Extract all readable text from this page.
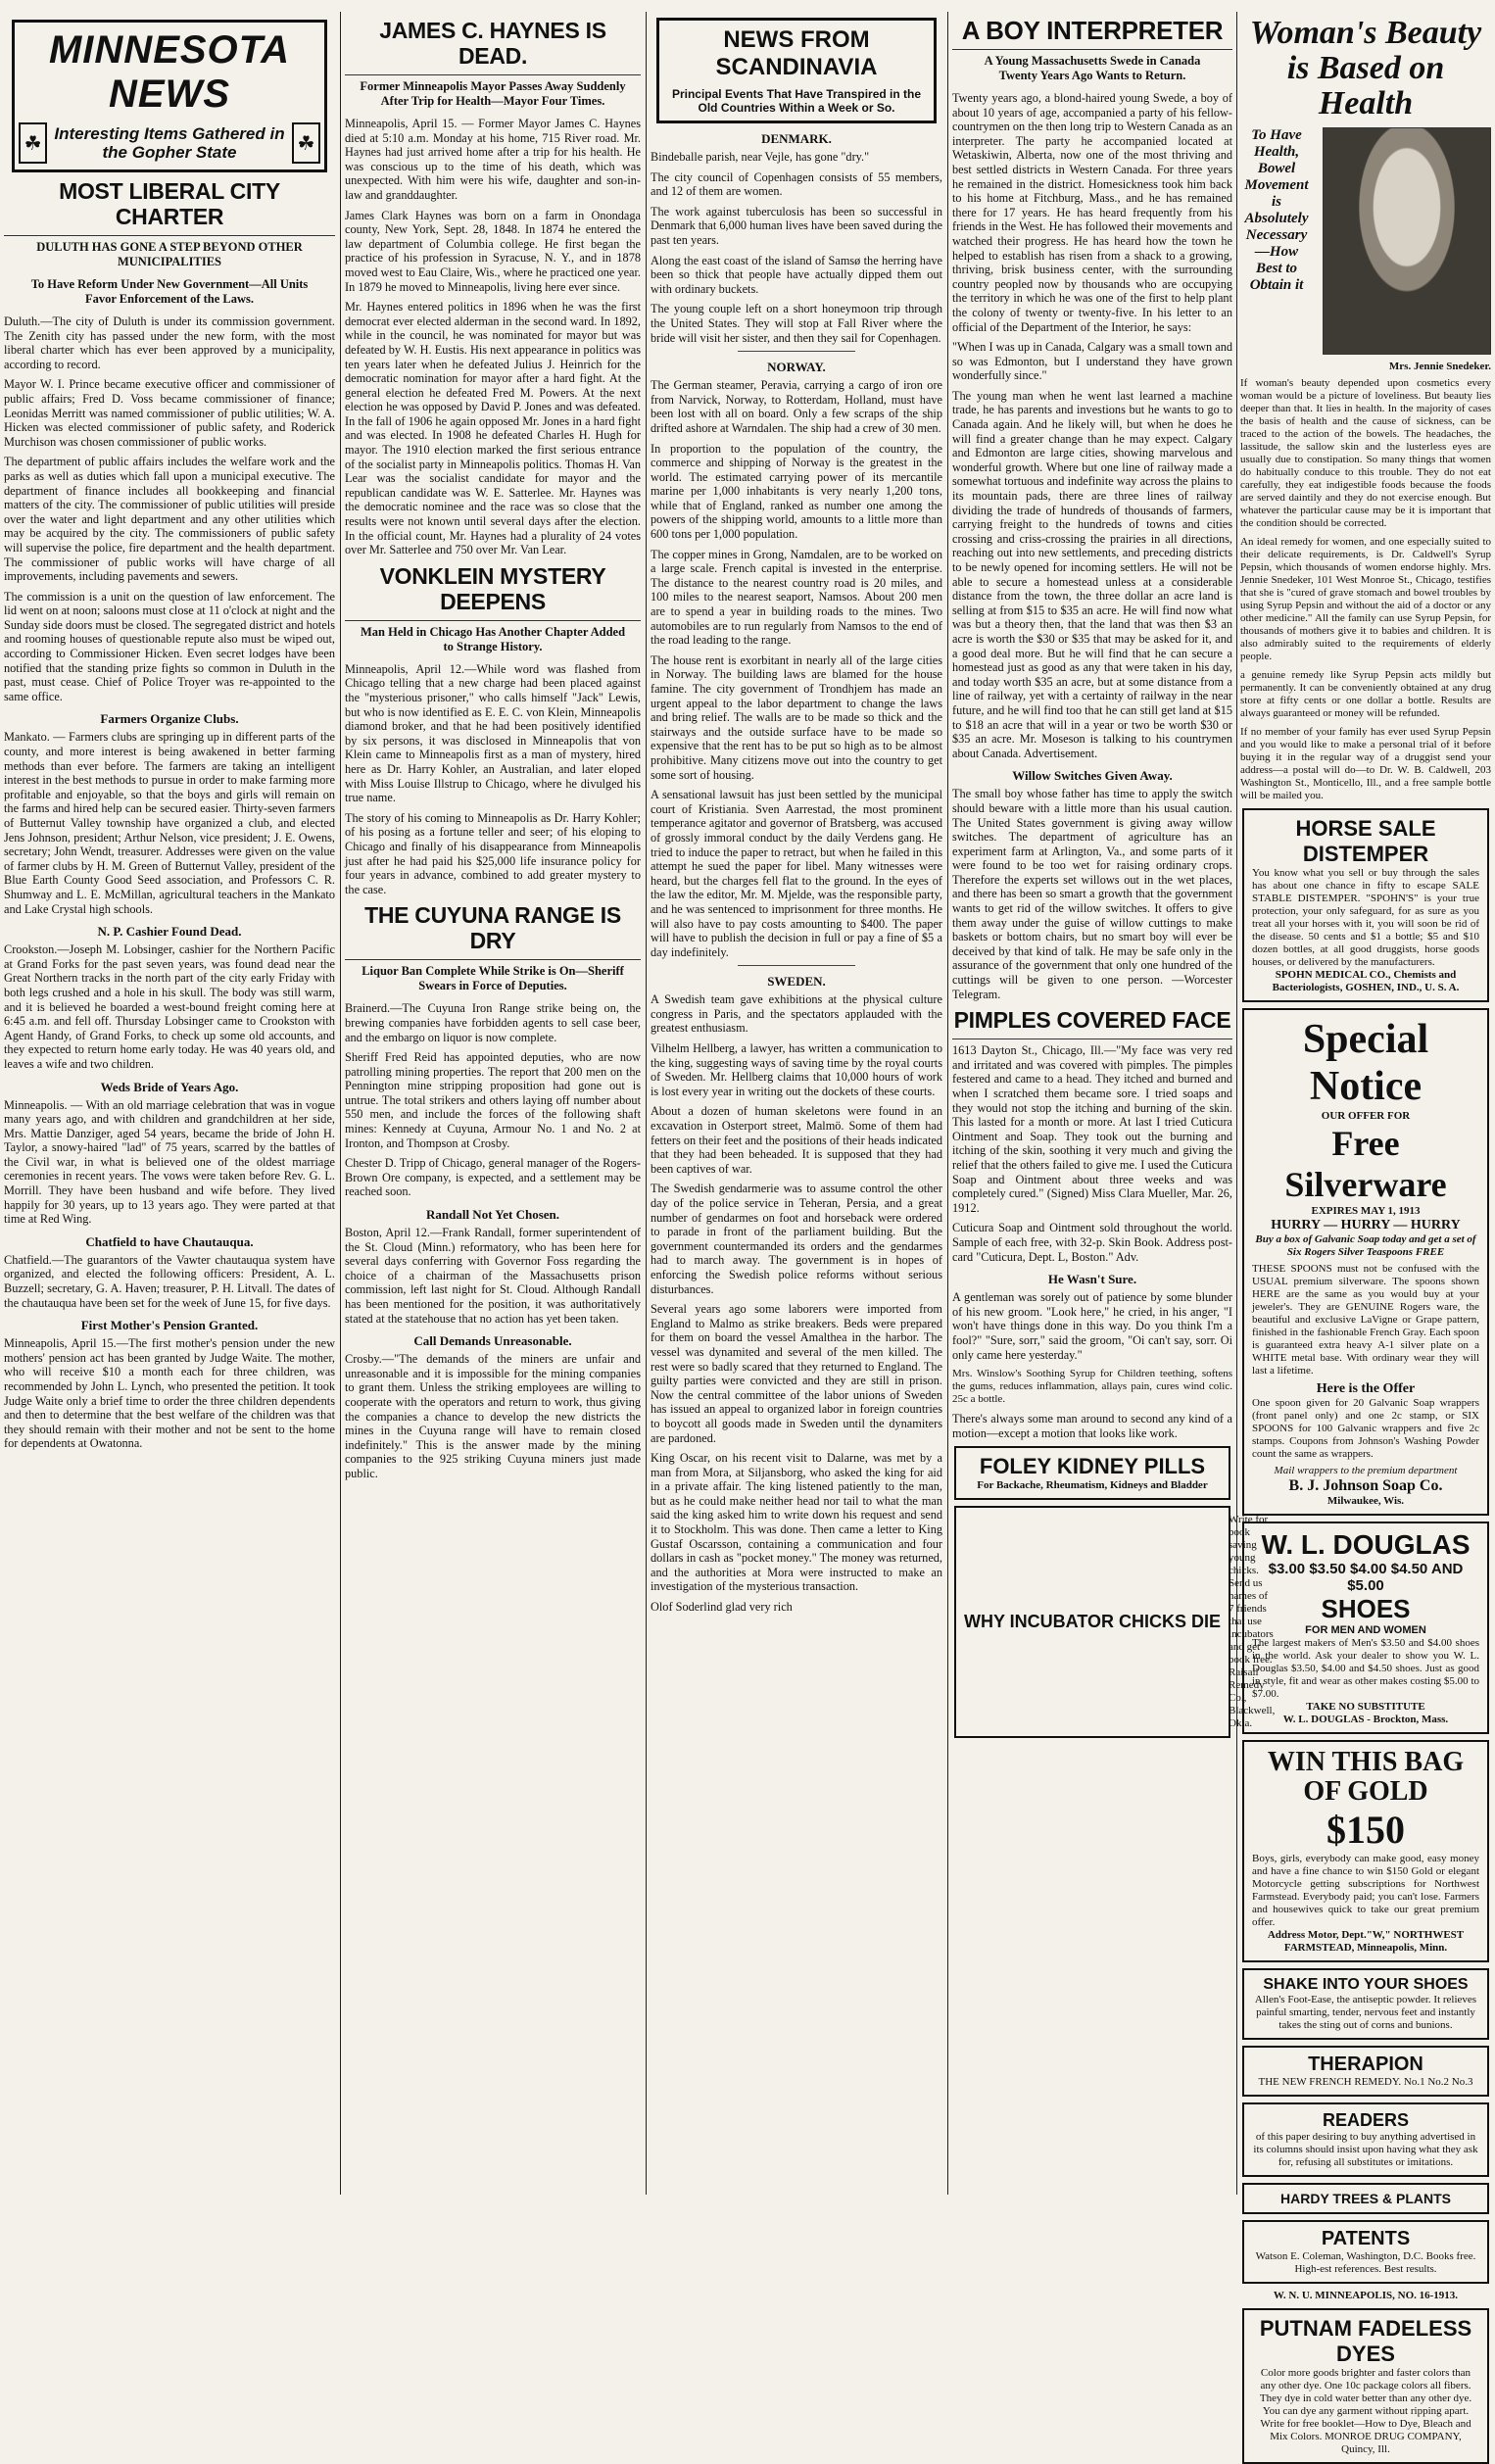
MINNESOTA NEWS
☘ Interesting Items Gathered in the Gopher State	☘
MOST LIBERAL CITY CHARTER
DULUTH HAS GONE A STEP BEYOND OTHER MUNICIPALITIES
To Have Reform Under New Government—All Units Favor Enforcement of the Laws.

Duluth.—The city of Duluth is under its commission government. The Zenith city has passed under the new form, with the most liberal charter which has ever been approved by a municipality, according to record.

Mayor W. I. Prince became executive officer and commissioner of public affairs; Fred D. Voss became commissioner of finance; Leonidas Merritt was named commissioner of public utilities; W. A. Hicken was elected commissioner of public safety, and Roderick Murchison was chosen commissioner of public works.

The department of public affairs includes the welfare work and the parks as well as duties which fall upon a municipal executive. The department of finance includes all bookkeeping and financial matters of the city. The commissioner of public utilities will preside over the water and light department and any other utilities which may be acquired by the city. The commissioners of public safety will supervise the police, fire department and the health department. The commissioner of public works will have charge of all improvements, including pavements and sewers.

The commission is a unit on the question of law enforcement. The lid went on at noon; saloons must close at 11 o'clock at night and the Sunday side doors must be closed. The segregated district and hotels and rooming houses of questionable repute also must be wiped out, according to Commissioner Hicken. Even secret lodges have been notified that the standing prize fights so common in Duluth in the past, must cease. Chief of Police Troyer was re-appointed to the same office.

Farmers Organize Clubs.

Mankato. — Farmers clubs are springing up in different parts of the county, and more interest is being awakened in better farming methods than ever before. The farmers are taking an intelligent interest in the best methods to pursue in order to make farming more profitable and enjoyable, so that the boys and girls will remain on the farms and hired help can be secured easier. Thirty-seven farmers of Butternut Valley township have organized a club, and elected Jens Johnson, president; Arthur Nelson, vice president; J. E. Owens, secretary; John Wendt, treasurer. Addresses were given on the value of farmer clubs by H. M. Green of Butternut Valley, president of the Blue Earth County Good Seed association, and Professors C. R. Shumway and L. E. McMillan, agricultural teachers in the Mankato and Lake Crystal high schools.

N. P. Cashier Found Dead.

Crookston.—Joseph M. Lobsinger, cashier for the Northern Pacific at Grand Forks for the past seven years, was found dead near the Great Northern tracks in the north part of the city early Friday with both legs crushed and a hole in his skull. The body was still warm, and it is believed he boarded a west-bound freight coming here at 6:45 a.m. and fell off. Thursday Lobsinger came to Crookston with Agent Handy, of Grand Forks, to check up some old accounts, and they expected to return home early today. He was 40 years old, and leaves a wife and two children.

Weds Bride of Years Ago.

Minneapolis. — With an old marriage celebration that was in vogue many years ago, and with children and grandchildren at her side, Mrs. Mattie Danziger, aged 54 years, became the bride of John H. Taylor, a snowy-haired "lad" of 75 years, scarred by the battles of the Civil war, in what is believed one of the oldest marriage ceremonies in recent years. The vows were taken before Rev. G. L. Morrill. They have been husband and wife before. They lived happily for 30 years, up to 13 years ago. They were parted at that time at Red Wing.

Chatfield to have Chautauqua.

Chatfield.—The guarantors of the Vawter chautauqua system have organized, and elected the following officers: President, A. L. Buzzell; secretary, G. A. Haven; treasurer, P. H. Litvall. The dates of the chautauqua have been set for the week of June 15, for five days.

First Mother's Pension Granted.

Minneapolis, April 15.—The first mother's pension under the new mothers' pension act has been granted by Judge Waite. The mother, who will receive $10 a month each for three children, was recommended by John L. Lynch, who presented the petition. It took Judge Waite only a brief time to order the three children dependents and then to determine that the best welfare of the children was that they should remain with their mother and not be sent to the home for dependents at Owatonna.

JAMES C. HAYNES IS DEAD.
Former Minneapolis Mayor Passes Away Suddenly After Trip for Health—Mayor Four Times.

Minneapolis, April 15. — Former Mayor James C. Haynes died at 5:10 a.m. Monday at his home, 715 River road. Mr. Haynes had just arrived home after a trip for his health. He was conscious up to the time of his death, which was unexpected. With him were his wife, daughter and son-in-law and granddaughter.

James Clark Haynes was born on a farm in Onondaga county, New York, Sept. 28, 1848. In 1874 he entered the law department of Columbia college. He first began the practice of his profession in Syracuse, N. Y., and in 1878 moved west to Eau Claire, Wis., where he practiced one year. In 1879 he moved to Minneapolis, living here ever since.

Mr. Haynes entered politics in 1896 when he was the first democrat ever elected alderman in the second ward. In 1892, while in the council, he was nominated for mayor but was defeated by W. H. Eustis. His next appearance in politics was ten years later when he defeated Julius J. Heinrich for the democratic nomination for mayor after a hard fight. At the general election he defeated Fred M. Powers. At the next election he was opposed by David P. Jones and was defeated. In the fall of 1906 he again opposed Mr. Jones in a hard fight and was elected. In 1908 he defeated Charles H. Hugh for mayor. The 1910 election marked the first serious entrance of the socialist party in Minneapolis politics. Thomas H. Van Lear was the socialist candidate for mayor and the republican candidate was W. E. Satterlee. Mr. Haynes was the democratic nominee and the race was so close that the results were not known until several days after the election. In the official count, Mr. Haynes had a plurality of 24 votes over Mr. Satterlee and 750 over Mr. Van Lear.

VONKLEIN MYSTERY DEEPENS
Man Held in Chicago Has Another Chapter Added to Strange History.

Minneapolis, April 12.—While word was flashed from Chicago telling that a new charge had been placed against the "mysterious prisoner," who calls himself "Jack" Lewis, but who is now identified as E. E. C. von Klein, Minneapolis diamond broker, and that he had been positively identified by six persons, it was disclosed in Minneapolis that von Klein came to Minneapolis first as a man of mystery, hired here as Dr. Harry Kohler, an Australian, and later eloped with Miss Louise Illstrup to Chicago, where he divulged his true name.

The story of his coming to Minneapolis as Dr. Harry Kohler; of his posing as a fortune teller and seer; of his eloping to Chicago and finally of his disappearance from Minneapolis just after he had paid his $25,000 life insurance policy for four years in advance, combined to add greater mystery to the case.

THE CUYUNA RANGE IS DRY
Liquor Ban Complete While Strike is On—Sheriff Swears in Force of Deputies.

Brainerd.—The Cuyuna Iron Range strike being on, the brewing companies have forbidden agents to sell case beer, and the embargo on liquor is now complete.

Sheriff Fred Reid has appointed deputies, who are now patrolling mining properties. The report that 200 men on the Pennington mine stripping proposition had gone out is untrue. The total strikers and others laying off number about 550 men, and include the forces of the following shaft mines: Kennedy at Cuyuna, Armour No. 1 and No. 2 at Ironton, and Thompson at Crosby.

Chester D. Tripp of Chicago, general manager of the Rogers-Brown Ore company, is expected, and a settlement may be reached soon.

Randall Not Yet Chosen.

Boston, April 12.—Frank Randall, former superintendent of the St. Cloud (Minn.) reformatory, who has been here for several days conferring with Governor Foss regarding the choice of a chairman of the Massachusetts prison commission, left last night for St. Cloud. Although Randall has been mentioned for the position, it was authoritatively stated at the statehouse that no action has yet been taken.

Call Demands Unreasonable.

Crosby.—"The demands of the miners are unfair and unreasonable and it is impossible for the mining companies to grant them. Unless the striking employees are willing to cooperate with the operators and return to work, thus giving the companies a chance to develop the new districts the mines in the Cuyuna range will have to remain closed indefinitely." This is the answer made by the mining companies to the 925 striking Cuyuna miners just made public.

NEWS FROM SCANDINAVIA
Principal Events That Have Transpired in the Old Countries Within a Week or So.
DENMARK.

Bindeballe parish, near Vejle, has gone "dry."

The city council of Copenhagen consists of 55 members, and 12 of them are women.

The work against tuberculosis has been so successful in Denmark that 6,000 human lives have been saved during the past ten years.

Along the east coast of the island of Samsø the herring have been so thick that people have actually dipped them out with ordinary buckets.

The young couple left on a short honeymoon trip through the United States. They will stop at Fall River where the bride will visit her sister, and then they sail for Copenhagen.

NORWAY.

The German steamer, Peravia, carrying a cargo of iron ore from Narvick, Norway, to Rotterdam, Holland, must have been lost with all on board. Only a few scraps of the ship drifted ashore at Warndalen. The ship had a crew of 30 men.

In proportion to the population of the country, the commerce and shipping of Norway is the greatest in the world. The estimated carrying power of its mercantile marine per 1,000 inhabitants is very nearly 1,200 tons, while that of England, ranked as number one among the powers of the shipping world, amounts to a little more than 600 tons per 1,000 population.

The copper mines in Grong, Namdalen, are to be worked on a large scale. French capital is invested in the enterprise. The distance to the nearest country road is 20 miles, and 100 miles to the nearest seaport, Namsos. About 200 men are to spend a year in building roads to the mines. Two automobiles are to run regularly from Namsos to the end of the road leading to the range.

The house rent is exorbitant in nearly all of the large cities in Norway. The building laws are blamed for the house famine. The city government of Trondhjem has made an urgent appeal to the labor department to change the laws and bring relief. The walls are to be made so thick and the stairways and the outside surface have to be made so expensive that the rent has to be put so high as to be almost prohibitive. Many citizens move out into the country to get some sort of housing.

A sensational lawsuit has just been settled by the municipal court of Kristiania. Sven Aarrestad, the most prominent temperance agitator and governor of Bratsberg, was accused of grossly immoral conduct by the daily Verdens gang. He tried to induce the paper to retract, but when he failed in this attempt he sued the paper for libel. Many witnesses were heard, but the charges fell flat to the ground. In the eyes of the law the editor, Mr. M. Mjelde, was the responsible party, and he was sentenced to imprisonment for three months. He will also have to pay costs amounting to $400. The paper will have to publish the decision in full or pay a fine of $5 a day indefinitely.

SWEDEN.

A Swedish team gave exhibitions at the physical culture congress in Paris, and the spectators applauded with the greatest enthusiasm.

Vilhelm Hellberg, a lawyer, has written a communication to the king, suggesting ways of saving time by the royal courts of Sweden. Mr. Hellberg claims that 10,000 hours of work is lost every year in writing out the dockets of these courts.

About a dozen of human skeletons were found in an excavation in Osterport street, Malmö. Some of them had fetters on their feet and the positions of their heads indicated that they had been beheaded. It is supposed that they had been captives of war.

The Swedish gendarmerie was to assume control the other day of the police service in Teheran, Persia, and a great number of gendarmes on foot and horseback were ordered to parade in front of the parliament building. But the government countermanded its orders and the gendarmes had to march away. The government is in hopes of enforcing the Swedish police reforms without serious disturbances.

Several years ago some laborers were imported from England to Malmo as strike breakers. Beds were prepared for them on board the vessel Amalthea in the harbor. The vessel was dynamited and several of the men killed. The rest were so badly scared that they returned to England. The guilty parties were convicted and they are still in prison. Now the central committee of the labor unions of Sweden has issued an appeal to organized labor in foreign countries to boycott all goods made in Sweden until the dynamiters are pardoned.

King Oscar, on his recent visit to Dalarne, was met by a man from Mora, at Siljansborg, who asked the king for aid in a private affair. The king listened patiently to the man, but as he could make neither head nor tail to what the man said the king asked him to write down his request and send it to Stockholm. This was done. Then came a letter to King Gustaf Oscarsson, containing a communication and four dollars in cash as "pocket money." The money was returned, and the authorities at Mora were instructed to make an investigation of the mysterious transaction.

Olof Soderlind glad very rich

A BOY INTERPRETER
A Young Massachusetts Swede in Canada Twenty Years Ago Wants to Return.

Twenty years ago, a blond-haired young Swede, a boy of about 10 years of age, accompanied a party of his fellow-countrymen on the then long trip to Western Canada as an interpreter. The party he accompanied located at Wetaskiwin, Alberta, now one of the most thriving and best settled districts in Western Canada. For three years he remained in the district. Homesickness took him back to his home at Fitchburg, Mass., and he has remained there for 17 years. He has heard frequently from his friends in the West. He has followed their movements and watched their progress. He has heard how the town he helped to establish has risen from a shack to a growing, thriving, brisk business center, with the surrounding country peopled now by thousands who are occupying the territory in which he was one of the first to help plant the colony of twenty or twenty-five. In his letter to an official of the Department of the Interior, he says:

"When I was up in Canada, Calgary was a small town and so was Edmonton, but I understand they have grown wonderfully since."

The young man when he went last learned a machine trade, he has parents and investions but he wants to go to Canada again. And he likely will, but when he does he will find a greater change than he may expect. Calgary and Edmonton are large cities, showing marvelous and wonderful growth. Where but one line of railway made a somewhat tortuous and indefinite way across the plains to its mountain pads, there are three lines of railway dividing the trade of hundreds of thousands of farmers, carrying freight to the hundreds of towns and cities crossing and criss-crossing the prairies in all directions, reaching out into new settlements, and preceding districts to be newly opened for incoming settlers. He will not be able to secure a homestead unless at a considerable distance from the town, the three dollar an acre land is selling at from $15 to $35 an acre. He will find now what was but a theory then, that the land that was then $3 an acre is worth the $30 or $35 that may be asked for it, and a good deal more. But he will find that he can secure a homestead just as good as any that were taken in his day, and today worth $35 an acre, but at some distance from a line of railway, yet with a certainty of railway in the near future, and he will find too that he can still get land at $15 to $18 an acre that will in a year or two be worth $30 or $35 an acre. Mr. Moseson is talking to his countrymen about Canada. Advertisement.

Willow Switches Given Away.

The small boy whose father has time to apply the switch should beware with a little more than his usual caution. The United States government is giving away willow switches. The department of agriculture has an experiment farm at Arlington, Va., and some parts of it were found to be too wet for raising ordinary crops. Therefore the experts set willows out in the wet places, and there has been so smart a growth that the government wants to get rid of the willow switches. It offers to give them away under the guise of willow cuttings to make baskets or bottom chairs, but no smart boy will ever be deceived by that kind of talk. He may be safe only in the assurance of the government that only one hundred of the cuttings will be given to one person. —Worcester Telegram.

PIMPLES COVERED FACE

1613 Dayton St., Chicago, Ill.—"My face was very red and irritated and was covered with pimples. The pimples festered and came to a head. They itched and burned and when I scratched them became sore. I tried soaps and they would not stop the itching and burning of the skin. This lasted for a month or more. At last I tried Cuticura Ointment and Soap. They took out the burning and itching of the skin, soothing it very much and giving the relief that the others failed to give me. I used the Cuticura Soap and Ointment about three weeks and was completely cured." (Signed) Miss Clara Mueller, Mar. 26, 1912.

Cuticura Soap and Ointment sold throughout the world. Sample of each free, with 32-p. Skin Book. Address post-card "Cuticura, Dept. L, Boston." Adv.

He Wasn't Sure.

A gentleman was sorely out of patience by some blunder of his new groom. "Look here," he cried, in his anger, "I won't have things done in this way. Do you think I'm a fool?" "Sure, sorr," said the groom, "Oi can't say, sorr. Oi only came here yesterday."

Mrs. Winslow's Soothing Syrup for Children teething, softens the gums, reduces inflammation, allays pain, cures wind colic. 25c a bottle.

There's always some man around to second any kind of a motion—except a motion that looks like work.

FOLEY KIDNEY PILLS
For Backache, Rheumatism, Kidneys and Bladder
WHY INCUBATOR CHICKS DIE
Write for book saving young chicks. Send us names of 7 friends that use incubators and get book free. Raisall Remedy Co., Blackwell, Okla.
Woman's Beauty is Based on Health
To Have Health, Bowel Movement is Absolutely Necessary—How Best to Obtain it
Mrs. Jennie Snedeker.

If woman's beauty depended upon cosmetics every woman would be a picture of loveliness. But beauty lies deeper than that. It lies in health. In the majority of cases the basis of health and the cause of sickness, can be traced to the action of the bowels. The headaches, the lassitude, the sallow skin and the lusterless eyes are usually due to constipation. So many things that women do habitually conduce to this trouble. They do not eat carefully, they eat indigestible foods because the foods are served daintily and they do not exercise enough. But whatever the particular cause may be it is important that the condition should be corrected.

An ideal remedy for women, and one especially suited to their delicate requirements, is Dr. Caldwell's Syrup Pepsin, which thousands of women endorse highly. Mrs. Jennie Snedeker, 101 West Monroe St., Chicago, testifies that she is "cured of grave stomach and bowel troubles by using Syrup Pepsin and without the aid of a doctor or any other medicine." All the family can use Syrup Pepsin, for thousands of mothers give it to babies and children. It is also admirably suited to the requirements of elderly people.

a genuine remedy like Syrup Pepsin acts mildly but permanently. It can be conveniently obtained at any drug store at fifty cents or one dollar a bottle. Results are always guaranteed or money will be refunded.

If no member of your family has ever used Syrup Pepsin and you would like to make a personal trial of it before buying it in the regular way of a druggist send your address—a postal will do—to Dr. W. B. Caldwell, 203 Washington St., Monticello, Ill., and a free sample bottle will be mailed you.

HORSE SALE DISTEMPER
You know what you sell or buy through the sales has about one chance in fifty to escape SALE STABLE DISTEMPER. "SPOHN'S" is your true protection, your only safeguard, for as sure as you treat all your horses with it, you will soon be rid of the disease. 50 cents and $1 a bottle; $5 and $10 dozen bottles, at all good druggists, horse goods houses, or delivered by the manufacturers.
SPOHN MEDICAL CO., Chemists and Bacteriologists, GOSHEN, IND., U. S. A.
Special Notice
OUR OFFER FOR
Free Silverware
EXPIRES MAY 1, 1913
HURRY — HURRY — HURRY
Buy a box of Galvanic Soap today and get a set of Six Rogers Silver Teaspoons FREE
THESE SPOONS must not be confused with the USUAL premium silverware. The spoons shown HERE are the same as you would buy at your jeweler's. They are GENUINE Rogers ware, the beautiful and exclusive LaVigne or Grape pattern, finished in the fashionable French Gray. Each spoon is guaranteed extra heavy A-1 silver plate on a WHITE metal base. With ordinary wear they will last a lifetime.
Here is the Offer
One spoon given for 20 Galvanic Soap wrappers (front panel only) and one 2c stamp, or SIX SPOONS for 100 Galvanic wrappers and five 2c stamps. Coupons from Johnson's Washing Powder count the same as wrappers.
Mail wrappers to the premium department
B. J. Johnson Soap Co.
Milwaukee, Wis.
W. L. DOUGLAS
$3.00 $3.50 $4.00 $4.50 AND $5.00
SHOES
FOR MEN AND WOMEN
The largest makers of Men's $3.50 and $4.00 shoes in the world. Ask your dealer to show you W. L. Douglas $3.50, $4.00 and $4.50 shoes. Just as good in style, fit and wear as other makes costing $5.00 to $7.00.
TAKE NO SUBSTITUTE
W. L. DOUGLAS - Brockton, Mass.
WIN THIS BAG OF GOLD
$150
Boys, girls, everybody can make good, easy money and have a fine chance to win $150 Gold or elegant Motorcycle getting subscriptions for Northwest Farmstead. Everybody paid; you can't lose. Farmers and housewives quick to take our great premium offer.
Address Motor, Dept."W," NORTHWEST FARMSTEAD, Minneapolis, Minn.
SHAKE INTO YOUR SHOES
Allen's Foot-Ease, the antiseptic powder. It relieves painful smarting, tender, nervous feet and instantly takes the sting out of corns and bunions.
THERAPION
THE NEW FRENCH REMEDY. No.1 No.2 No.3
READERS
of this paper desiring to buy anything advertised in its columns should insist upon having what they ask for, refusing all substitutes or imitations.
HARDY TREES & PLANTS
PATENTS
Watson E. Coleman, Washington, D.C. Books free. High-est references. Best results.
W. N. U. MINNEAPOLIS, NO. 16-1913.
PUTNAM FADELESS DYES
Color more goods brighter and faster colors than any other dye. One 10c package colors all fibers. They dye in cold water better than any other dye. You can dye any garment without ripping apart. Write for free booklet—How to Dye, Bleach and Mix Colors. MONROE DRUG COMPANY, Quincy, Ill.
